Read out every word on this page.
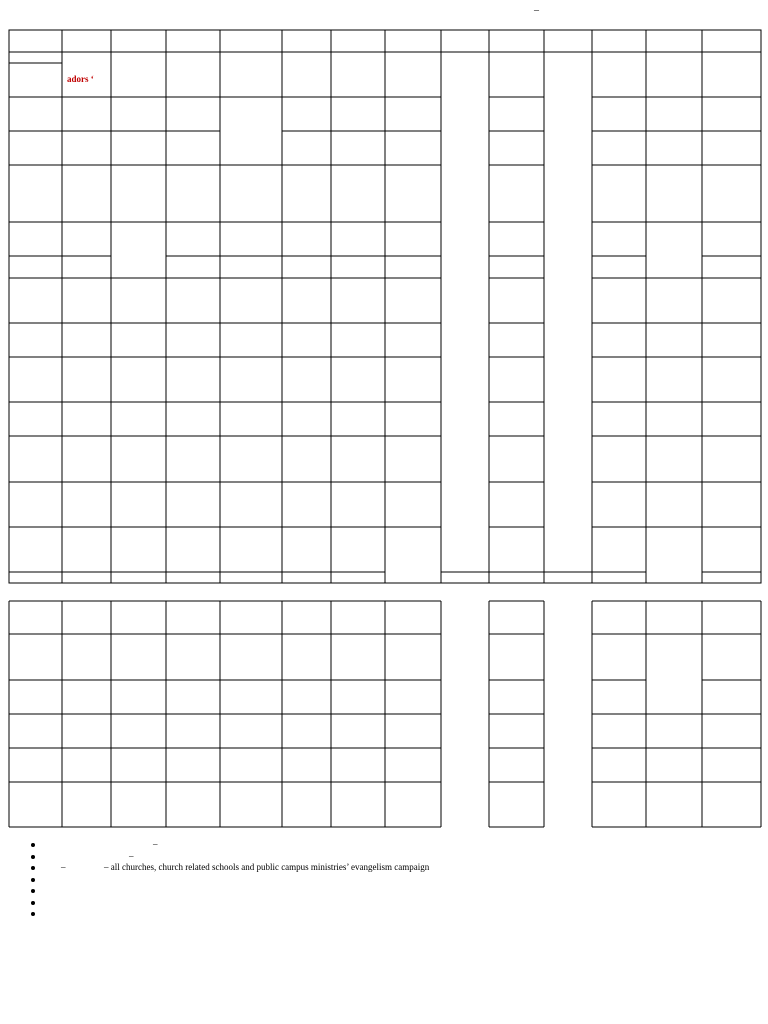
–
adors ‘
–
–
–	– all churches, church related schools and public campus ministries’ evangelism campaign
